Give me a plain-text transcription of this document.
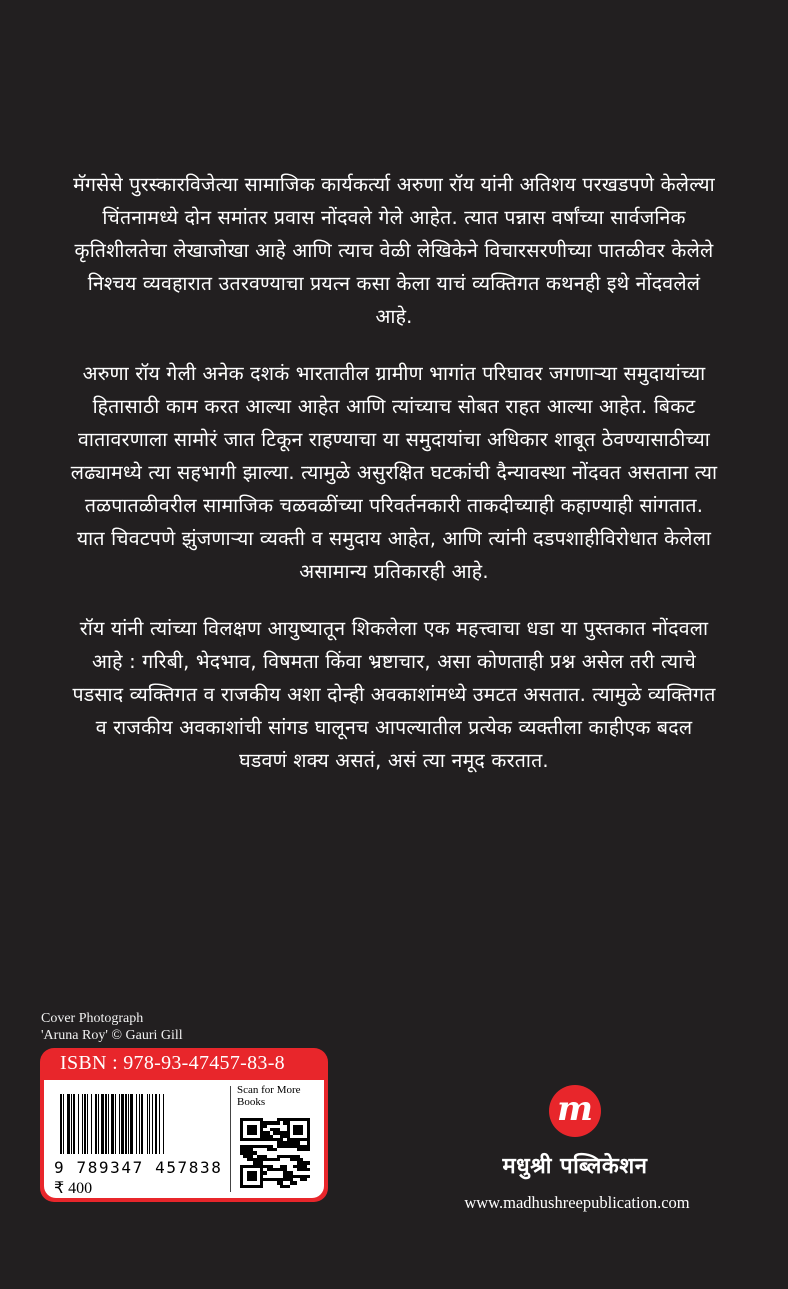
मॅगसेसे पुरस्कारविजेत्या सामाजिक कार्यकर्त्या अरुणा रॉय यांनी अतिशय परखडपणे केलेल्या चिंतनामध्ये दोन समांतर प्रवास नोंदवले गेले आहेत. त्यात पन्नास वर्षांच्या सार्वजनिक कृतिशीलतेचा लेखाजोखा आहे आणि त्याच वेळी लेखिकेने विचारसरणीच्या पातळीवर केलेले निश्चय व्यवहारात उतरवण्याचा प्रयत्न कसा केला याचं व्यक्तिगत कथनही इथे नोंदवलेलं आहे.

अरुणा रॉय गेली अनेक दशकं भारतातील ग्रामीण भागांत परिघावर जगणाऱ्या समुदायांच्या हितासाठी काम करत आल्या आहेत आणि त्यांच्याच सोबत राहत आल्या आहेत. बिकट वातावरणाला सामोरं जात टिकून राहण्याचा या समुदायांचा अधिकार शाबूत ठेवण्यासाठीच्या लढ्यामध्ये त्या सहभागी झाल्या. त्यामुळे असुरक्षित घटकांची दैन्यावस्था नोंदवत असताना त्या तळपातळीवरील सामाजिक चळवळींच्या परिवर्तनकारी ताकदीच्याही कहाण्याही सांगतात. यात चिवटपणे झुंजणाऱ्या व्यक्ती व समुदाय आहेत, आणि त्यांनी दडपशाहीविरोधात केलेला असामान्य प्रतिकारही आहे.

रॉय यांनी त्यांच्या विलक्षण आयुष्यातून शिकलेला एक महत्त्वाचा धडा या पुस्तकात नोंदवला आहे : गरिबी, भेदभाव, विषमता किंवा भ्रष्टाचार, असा कोणताही प्रश्न असेल तरी त्याचे पडसाद व्यक्तिगत व राजकीय अशा दोन्ही अवकाशांमध्ये उमटत असतात. त्यामुळे व्यक्तिगत व राजकीय अवकाशांची सांगड घालूनच आपल्यातील प्रत्येक व्यक्तीला काहीएक बदल घडवणं शक्य असतं, असं त्या नमूद करतात.

Cover Photograph
'Aruna Roy' © Gauri Gill
ISBN : 978-93-47457-83-8
9 789347 457838
₹ 400
Scan for More Books	m
मधुश्री पब्लिकेशन
www.madhushreepublication.com
